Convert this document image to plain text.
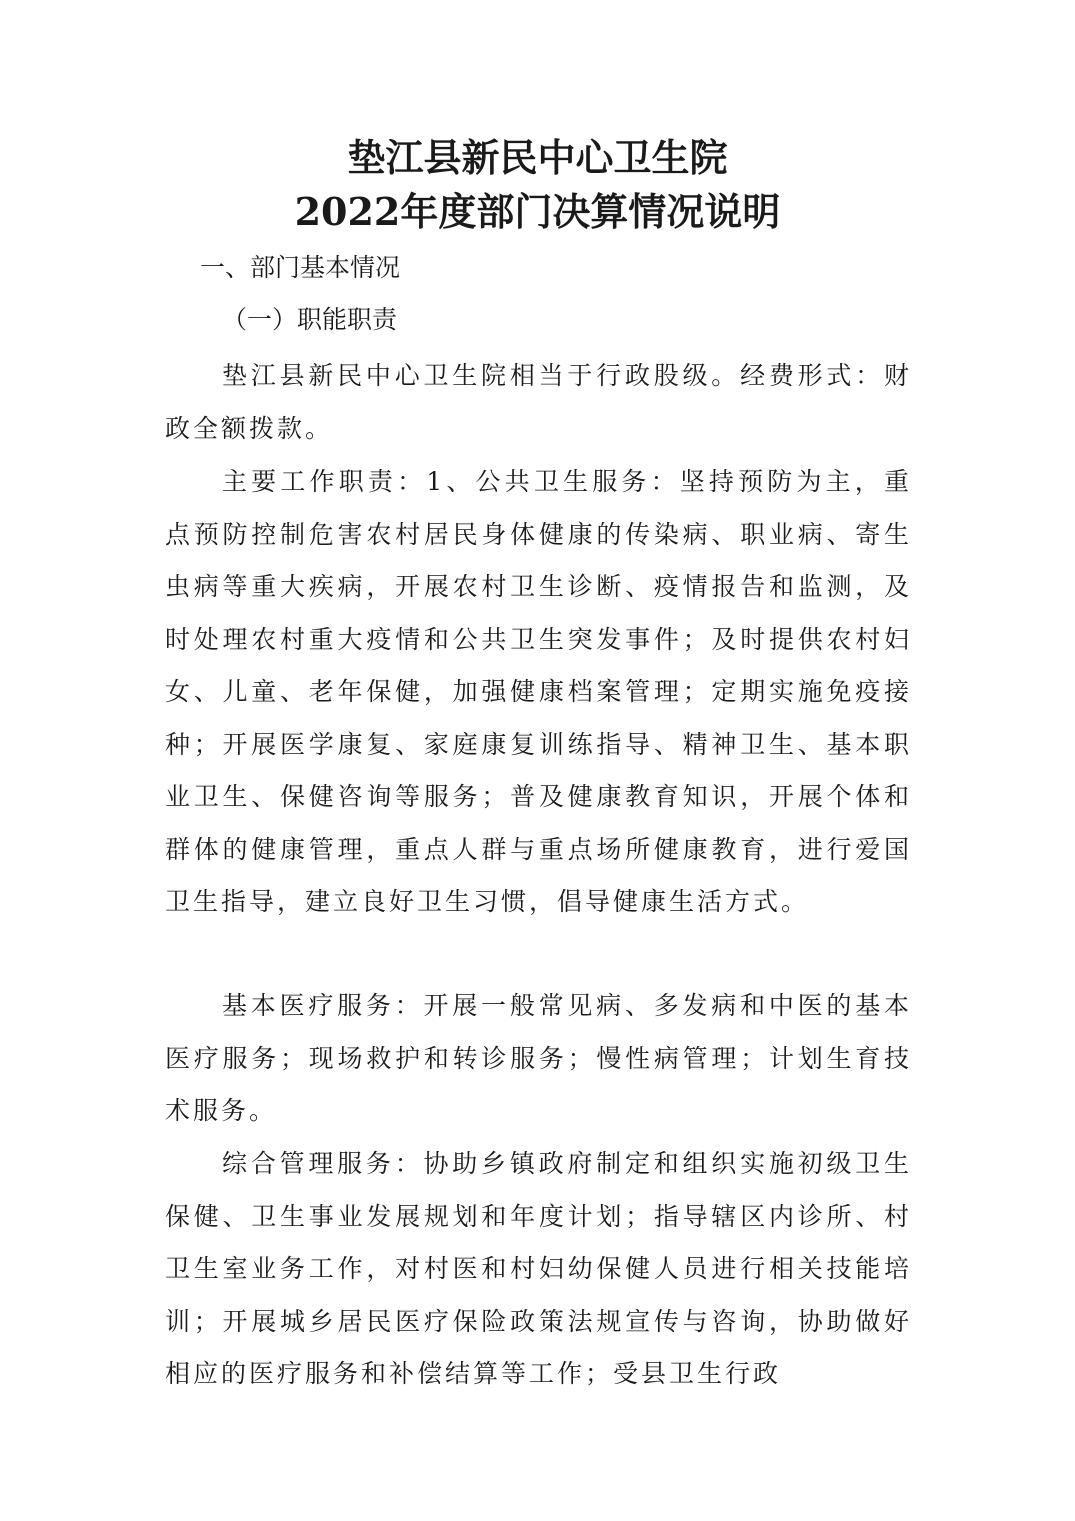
垫江县新民中心卫生院
2022年度部门决算情况说明

一、部门基本情况

（一）职能职责

垫江县新民中心卫生院相当于行政股级。经费形式：财政全额拨款。

主要工作职责：1、公共卫生服务：坚持预防为主，重点预防控制危害农村居民身体健康的传染病、职业病、寄生虫病等重大疾病，开展农村卫生诊断、疫情报告和监测，及时处理农村重大疫情和公共卫生突发事件；及时提供农村妇女、儿童、老年保健，加强健康档案管理；定期实施免疫接种；开展医学康复、家庭康复训练指导、精神卫生、基本职业卫生、保健咨询等服务；普及健康教育知识，开展个体和群体的健康管理，重点人群与重点场所健康教育，进行爱国卫生指导，建立良好卫生习惯，倡导健康生活方式。

基本医疗服务：开展一般常见病、多发病和中医的基本医疗服务；现场救护和转诊服务；慢性病管理；计划生育技术服务。

综合管理服务：协助乡镇政府制定和组织实施初级卫生保健、卫生事业发展规划和年度计划；指导辖区内诊所、村卫生室业务工作，对村医和村妇幼保健人员进行相关技能培训；开展城乡居民医疗保险政策法规宣传与咨询，协助做好相应的医疗服务和补偿结算等工作；受县卫生行政
